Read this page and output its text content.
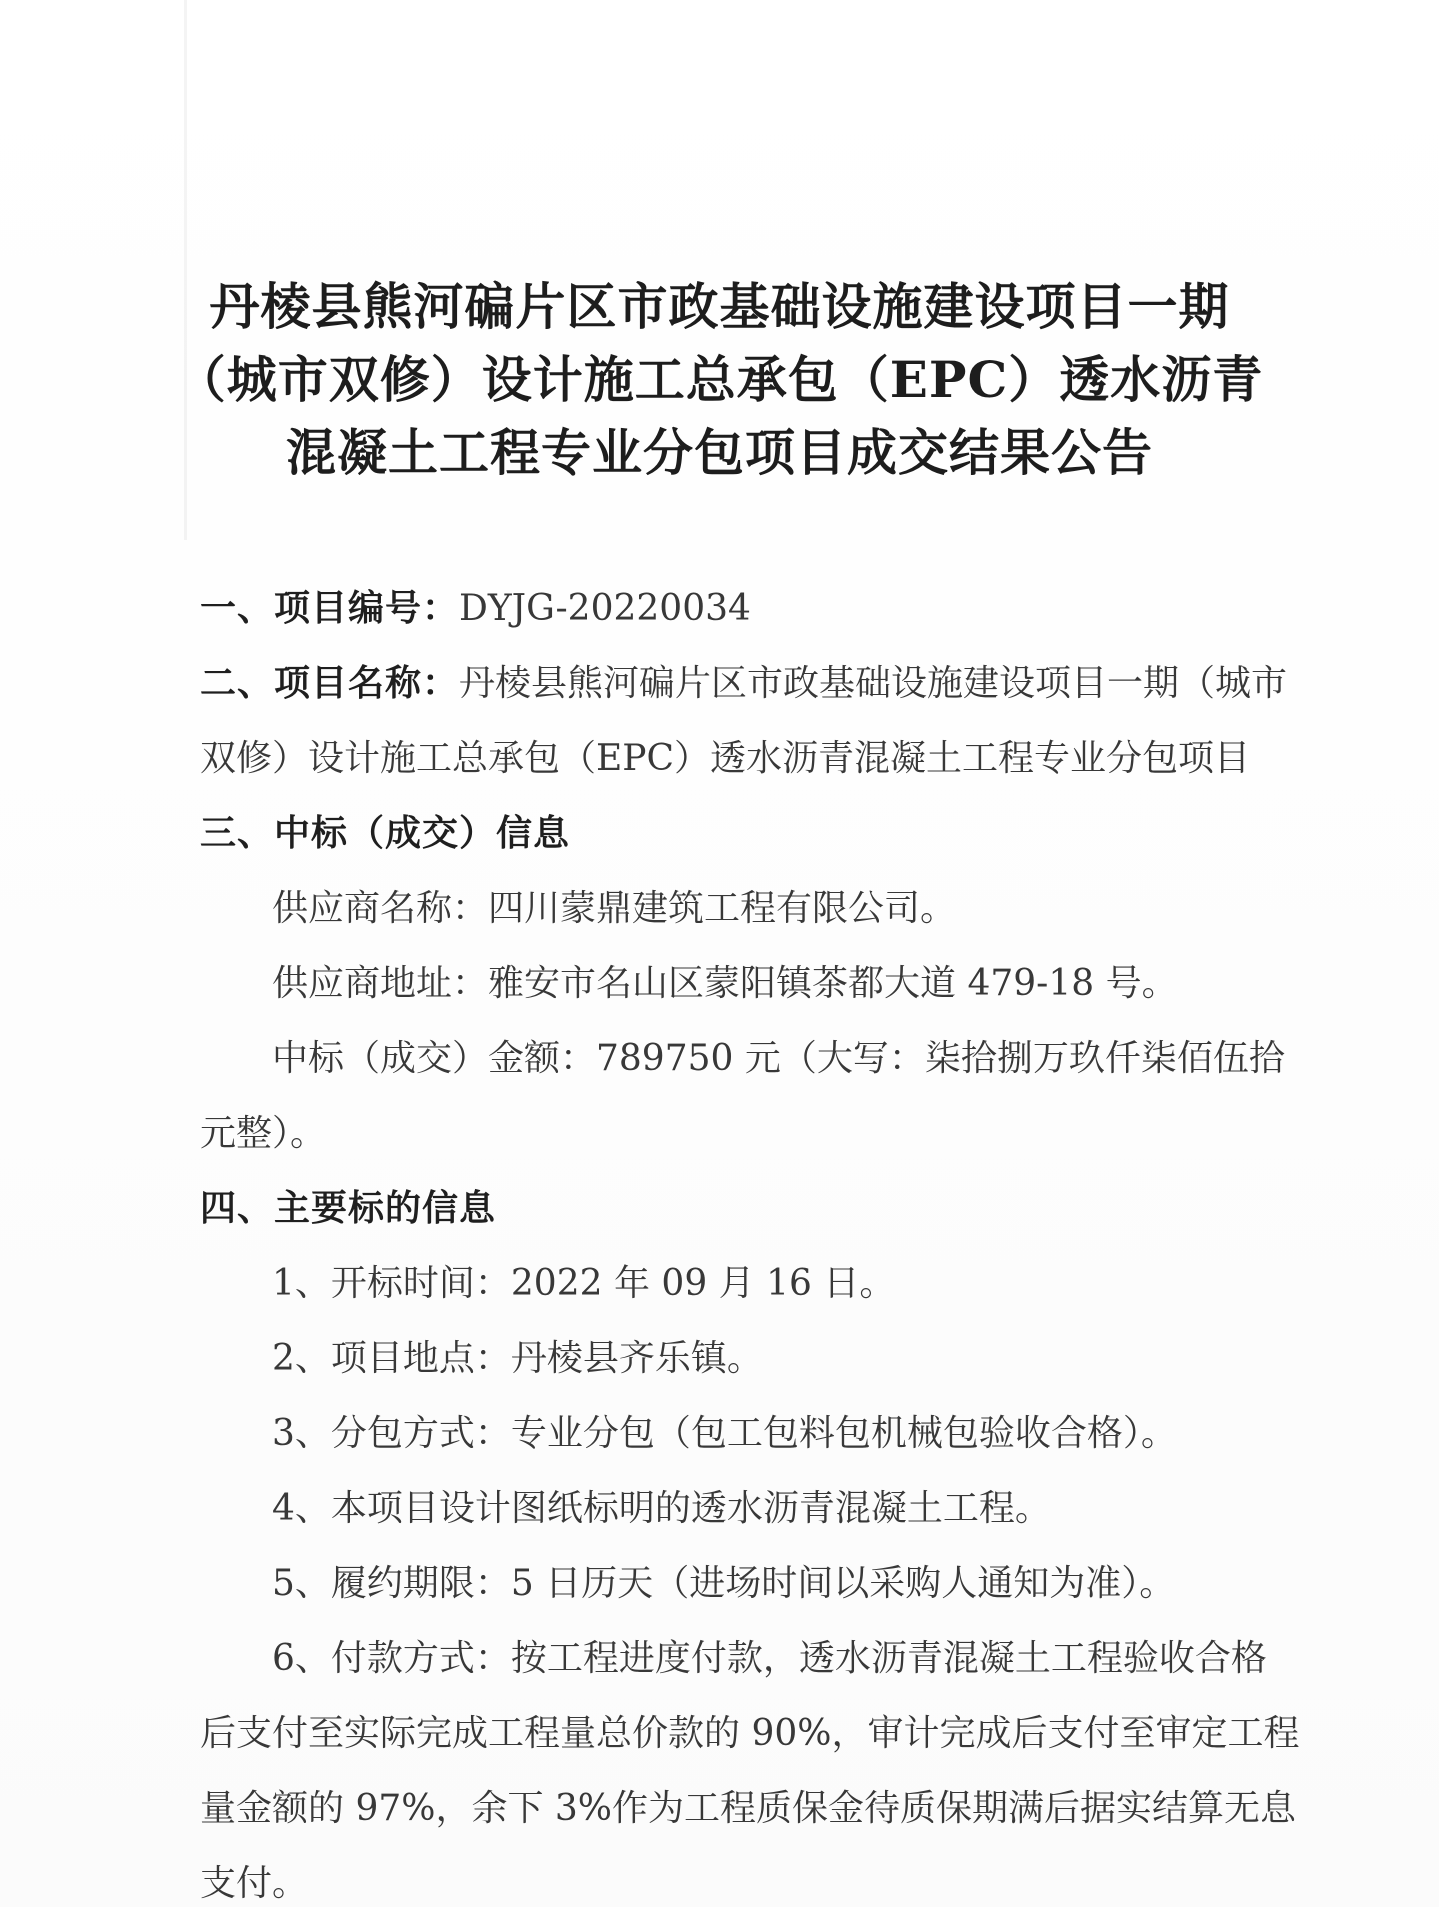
丹棱县熊河碥片区市政基础设施建设项目一期
（城市双修）设计施工总承包（EPC）透水沥青
混凝土工程专业分包项目成交结果公告

一、项目编号：DYJG-20220034

二、项目名称：丹棱县熊河碥片区市政基础设施建设项目一期（城市

双修）设计施工总承包（EPC）透水沥青混凝土工程专业分包项目

三、中标（成交）信息

供应商名称：四川蒙鼎建筑工程有限公司。

供应商地址：雅安市名山区蒙阳镇茶都大道 479-18 号。

中标（成交）金额：789750 元（大写：柒拾捌万玖仟柒佰伍拾

元整）。

四、主要标的信息

1、开标时间：2022 年 09 月 16 日。

2、项目地点：丹棱县齐乐镇。

3、分包方式：专业分包（包工包料包机械包验收合格）。

4、本项目设计图纸标明的透水沥青混凝土工程。

5、履约期限：5 日历天（进场时间以采购人通知为准）。

6、付款方式：按工程进度付款，透水沥青混凝土工程验收合格

后支付至实际完成工程量总价款的 90%，审计完成后支付至审定工程

量金额的 97%，余下 3%作为工程质保金待质保期满后据实结算无息

支付。
